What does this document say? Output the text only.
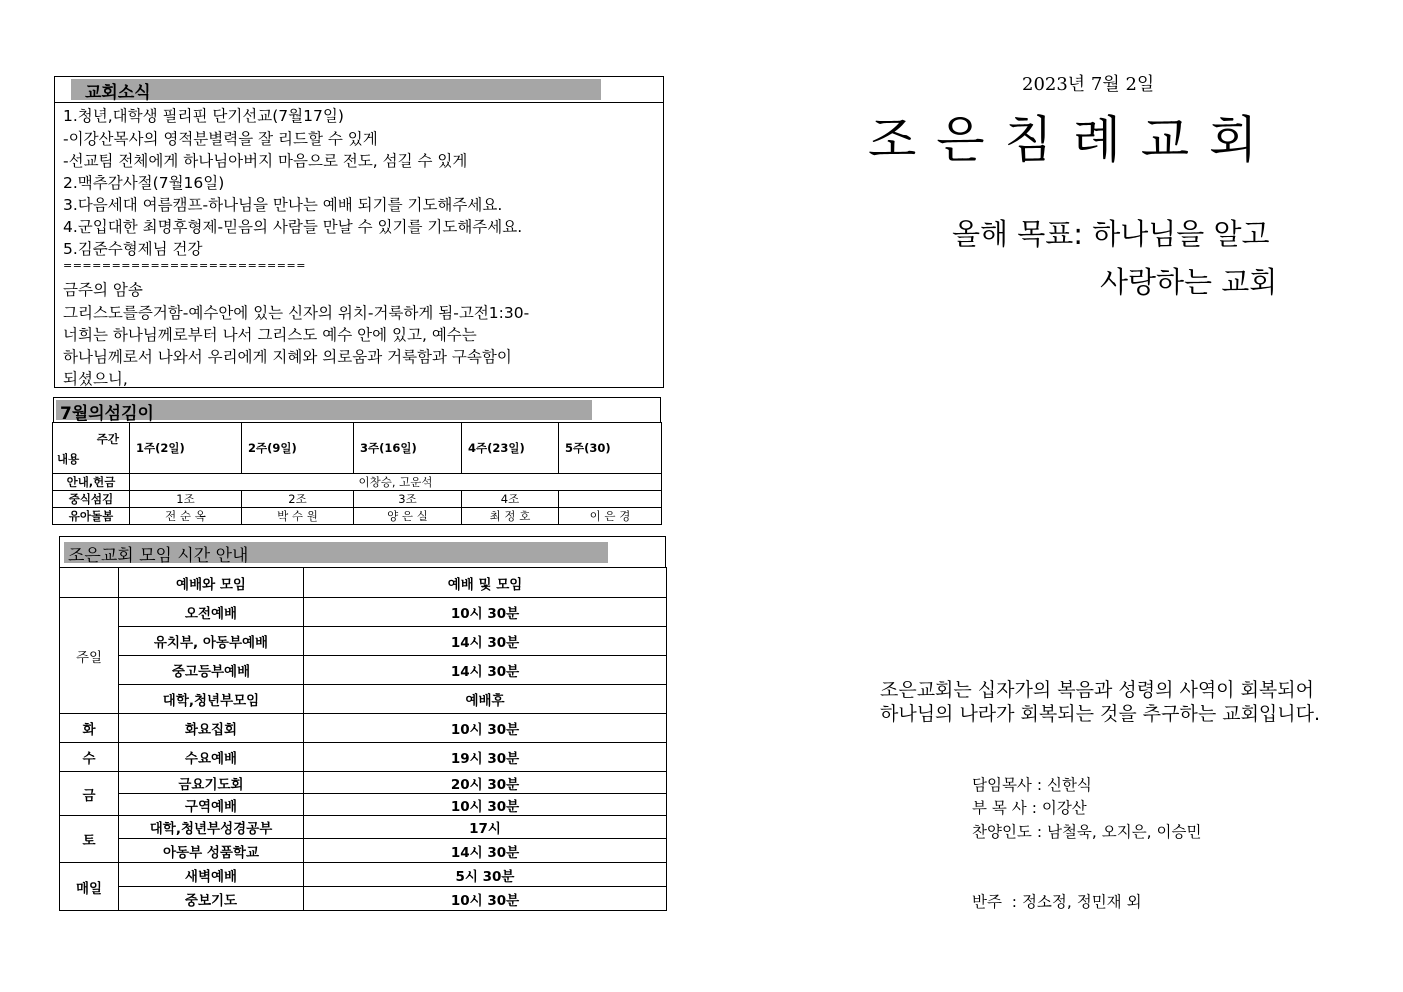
교회소식
1.청년,대학생 필리핀 단기선교(7월17일)
-이강산목사의 영적분별력을 잘 리드할 수 있게
-선교팀 전체에게 하나님아버지 마음으로 전도, 섬길 수 있게
2.맥추감사절(7월16일)
3.다음세대 여름캠프-하나님을 만나는 예배 되기를 기도해주세요.
4.군입대한 최명후형제-믿음의 사람들 만날 수 있기를 기도해주세요.
5.김준수형제님 건강
=========================
금주의 암송
그리스도를증거함-예수안에 있는 신자의 위치-거룩하게 됨-고전1:30-
너희는 하나님께로부터 나서 그리스도 예수 안에 있고, 예수는
하나님께로서 나와서 우리에게 지혜와 의로움과 거룩함과 구속함이
되셨으니,
7월의섬김이
주간
내용	1주(2일)	2주(9일)	3주(16일)	4주(23일)	5주(30)
안내,헌금	이창승, 고운석				
중식섬김	1조	2조	3조	4조	
유아돌봄	전 순 옥	박 수 원	양 은 실	최 정 호	이 은 경
조은교회 모임 시간 안내
	예배와 모임	예배 및 모임
주일	오전예배	10시 30분
	유치부, 아동부예배	14시 30분
	중고등부예배	14시 30분
	대학,청년부모임	예배후
화	화요집회	10시 30분
수	수요예배	19시 30분
금	금요기도회	20시 30분
	구역예배	10시 30분
토	대학,청년부성경공부	17시
	아동부 성품학교	14시 30분
매일	새벽예배	5시 30분
	중보기도	10시 30분
2023년 7월 2일
조 은 침 례 교 회
올해 목표: 하나님을 알고
사랑하는 교회
조은교회는 십자가의 복음과 성령의 사역이 회복되어
하나님의 나라가 회복되는 것을 추구하는 교회입니다.
담임목사 : 신한식
부 목 사 : 이강산
찬양인도 : 남철욱, 오지은, 이승민
반주  : 정소정, 정민재 외
